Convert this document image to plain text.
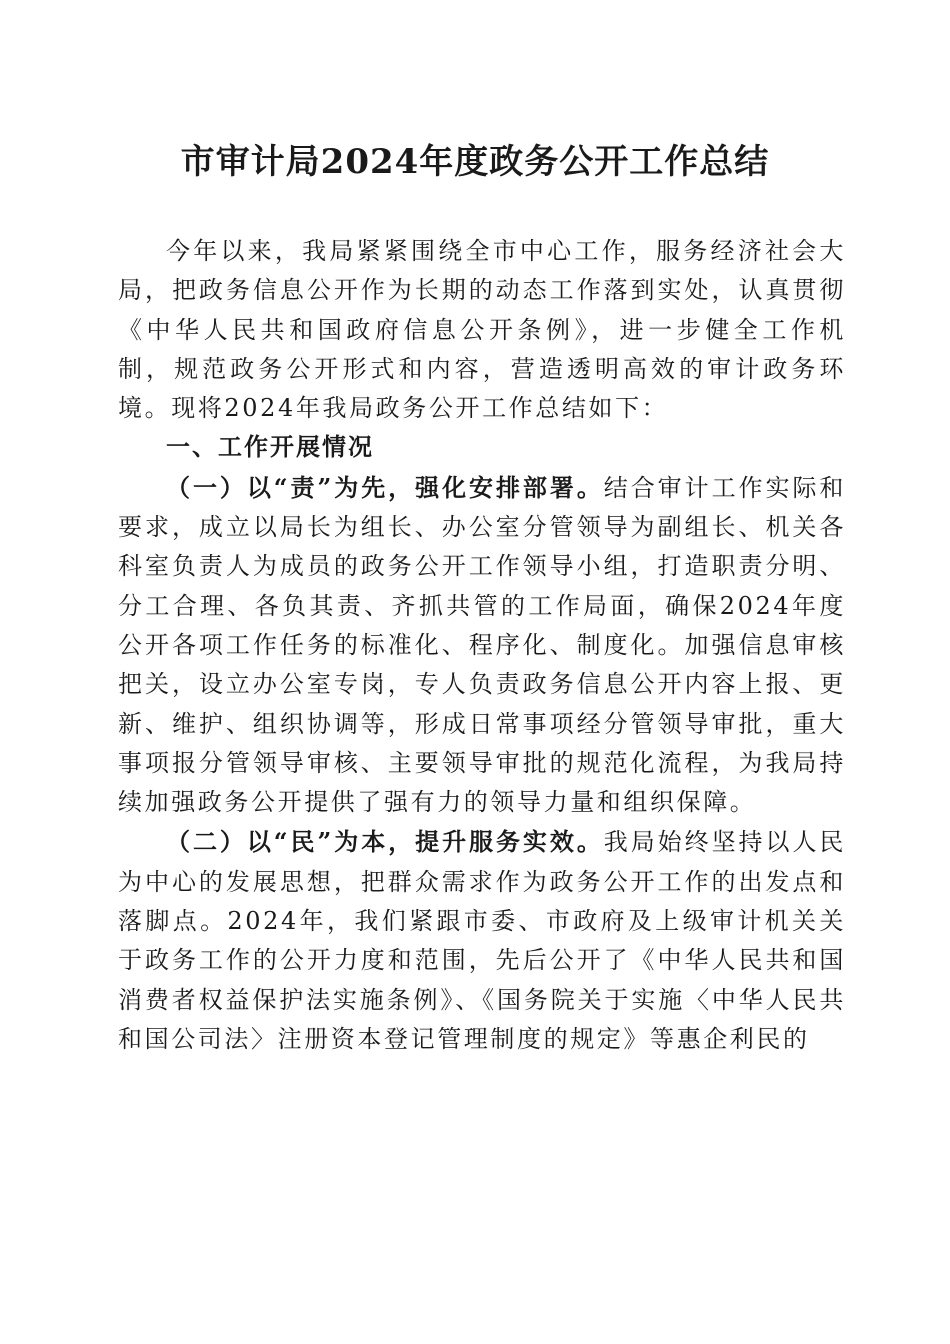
市审计局2024年度政务公开工作总结

今年以来，我局紧紧围绕全市中心工作，服务经济社会大局，把政务信息公开作为长期的动态工作落到实处，认真贯彻《中华人民共和国政府信息公开条例》，进一步健全工作机制，规范政务公开形式和内容，营造透明高效的审计政务环境。现将2024年我局政务公开工作总结如下：

一、工作开展情况

（一）以“责”为先，强化安排部署。结合审计工作实际和要求，成立以局长为组长、办公室分管领导为副组长、机关各科室负责人为成员的政务公开工作领导小组，打造职责分明、分工合理、各负其责、齐抓共管的工作局面，确保2024年度公开各项工作任务的标准化、程序化、制度化。加强信息审核把关，设立办公室专岗，专人负责政务信息公开内容上报、更新、维护、组织协调等，形成日常事项经分管领导审批，重大事项报分管领导审核、主要领导审批的规范化流程，为我局持续加强政务公开提供了强有力的领导力量和组织保障。

（二）以“民”为本，提升服务实效。我局始终坚持以人民为中心的发展思想，把群众需求作为政务公开工作的出发点和落脚点。2024年，我们紧跟市委、市政府及上级审计机关关于政务工作的公开力度和范围，先后公开了《中华人民共和国消费者权益保护法实施条例》、《国务院关于实施〈中华人民共和国公司法〉注册资本登记管理制度的规定》等惠企利民的
